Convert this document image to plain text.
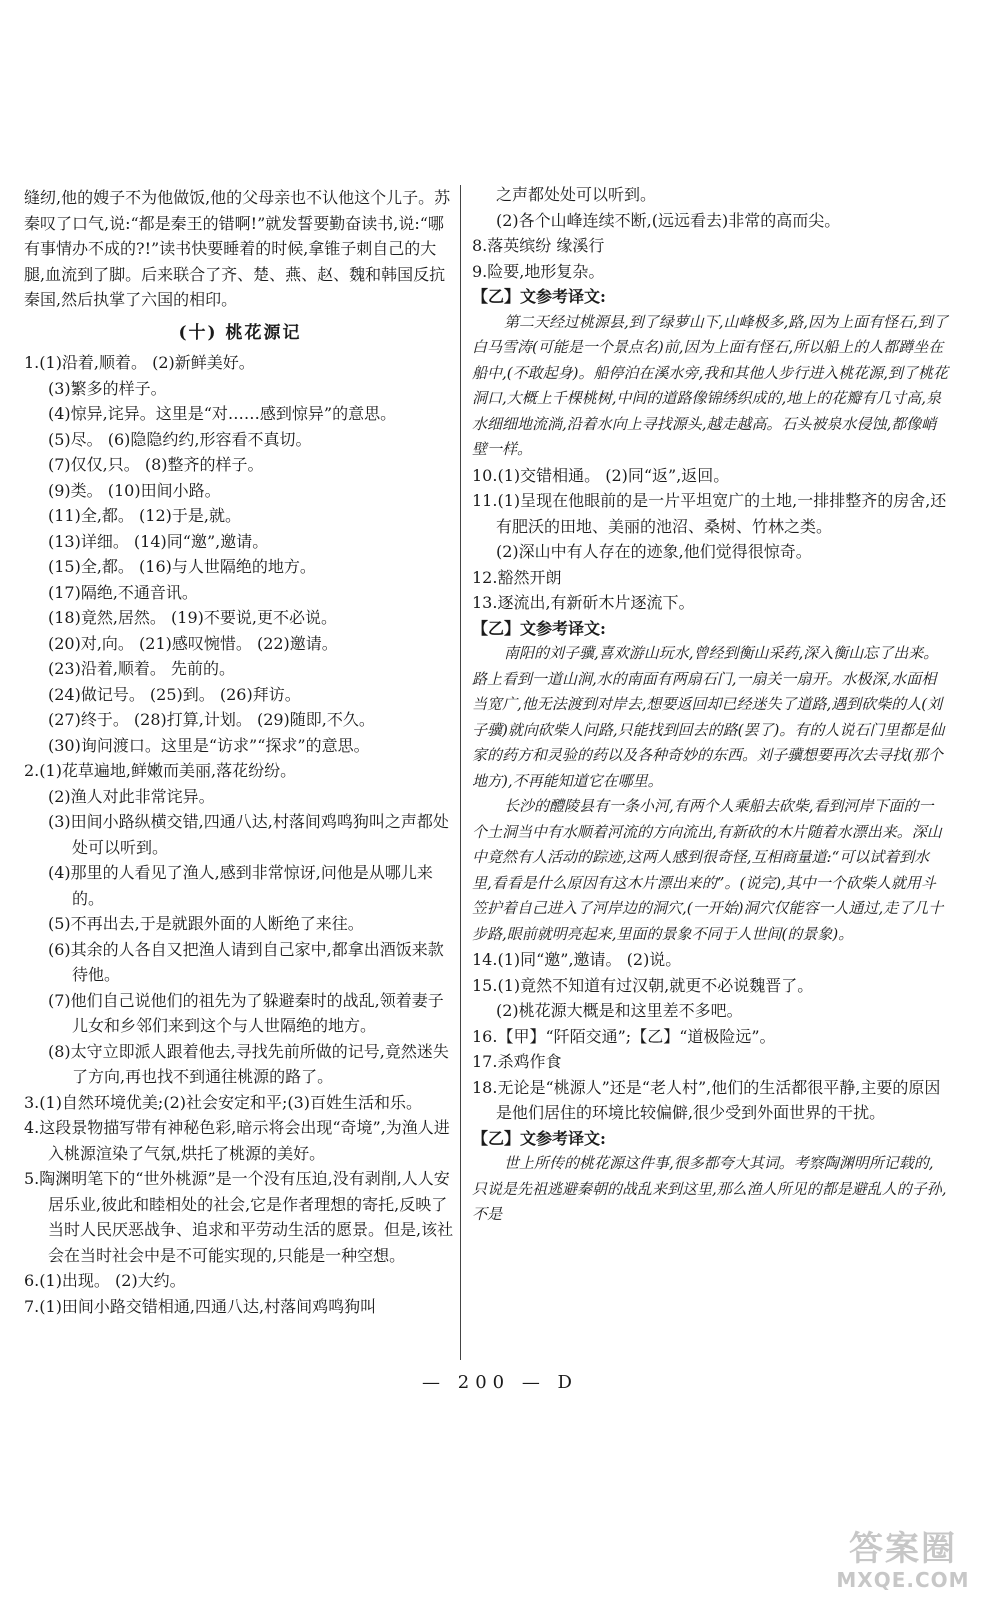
缝纫,他的嫂子不为他做饭,他的父母亲也不认他这个儿子。苏秦叹了口气,说:“都是秦王的错啊!”就发誓要勤奋读书,说:“哪有事情办不成的?!”读书快要睡着的时候,拿锥子刺自己的大腿,血流到了脚。后来联合了齐、楚、燕、赵、魏和韩国反抗秦国,然后执掌了六国的相印。

(十) 桃花源记

1.(1)沿着,顺着。 (2)新鲜美好。

(3)繁多的样子。

(4)惊异,诧异。这里是“对……感到惊异”的意思。

(5)尽。 (6)隐隐约约,形容看不真切。

(7)仅仅,只。 (8)整齐的样子。

(9)类。 (10)田间小路。

(11)全,都。 (12)于是,就。

(13)详细。 (14)同“邀”,邀请。

(15)全,都。 (16)与人世隔绝的地方。

(17)隔绝,不通音讯。

(18)竟然,居然。 (19)不要说,更不必说。

(20)对,向。 (21)感叹惋惜。 (22)邀请。

(23)沿着,顺着。 先前的。

(24)做记号。 (25)到。 (26)拜访。

(27)终于。 (28)打算,计划。 (29)随即,不久。

(30)询问渡口。这里是“访求”“探求”的意思。

2.(1)花草遍地,鲜嫩而美丽,落花纷纷。

(2)渔人对此非常诧异。

(3)田间小路纵横交错,四通八达,村落间鸡鸣狗叫之声都处处可以听到。

(4)那里的人看见了渔人,感到非常惊讶,问他是从哪儿来的。

(5)不再出去,于是就跟外面的人断绝了来往。

(6)其余的人各自又把渔人请到自己家中,都拿出酒饭来款待他。

(7)他们自己说他们的祖先为了躲避秦时的战乱,领着妻子儿女和乡邻们来到这个与人世隔绝的地方。

(8)太守立即派人跟着他去,寻找先前所做的记号,竟然迷失了方向,再也找不到通往桃源的路了。

3.(1)自然环境优美;(2)社会安定和平;(3)百姓生活和乐。

4.这段景物描写带有神秘色彩,暗示将会出现“奇境”,为渔人进入桃源渲染了气氛,烘托了桃源的美好。

5.陶渊明笔下的“世外桃源”是一个没有压迫,没有剥削,人人安居乐业,彼此和睦相处的社会,它是作者理想的寄托,反映了当时人民厌恶战争、追求和平劳动生活的愿景。但是,该社会在当时社会中是不可能实现的,只能是一种空想。

6.(1)出现。 (2)大约。

7.(1)田间小路交错相通,四通八达,村落间鸡鸣狗叫

之声都处处可以听到。

(2)各个山峰连续不断,(远远看去)非常的高而尖。

8.落英缤纷 缘溪行

9.险要,地形复杂。

【乙】文参考译文:

第二天经过桃源县,到了绿萝山下,山峰极多,路,因为上面有怪石,到了白马雪涛(可能是一个景点名)前,因为上面有怪石,所以船上的人都蹲坐在船中,(不敢起身)。船停泊在溪水旁,我和其他人步行进入桃花源,到了桃花洞口,大概上千棵桃树,中间的道路像锦绣织成的,地上的花瓣有几寸高,泉水细细地流淌,沿着水向上寻找源头,越走越高。石头被泉水侵蚀,都像峭壁一样。

10.(1)交错相通。 (2)同“返”,返回。

11.(1)呈现在他眼前的是一片平坦宽广的土地,一排排整齐的房舍,还有肥沃的田地、美丽的池沼、桑树、竹林之类。

(2)深山中有人存在的迹象,他们觉得很惊奇。

12.豁然开朗

13.逐流出,有新斫木片逐流下。

【乙】文参考译文:

南阳的刘子骥,喜欢游山玩水,曾经到衡山采药,深入衡山忘了出来。路上看到一道山涧,水的南面有两扇石门,一扇关一扇开。水极深,水面相当宽广,他无法渡到对岸去,想要返回却已经迷失了道路,遇到砍柴的人(刘子骥)就向砍柴人问路,只能找到回去的路(罢了)。有的人说石门里都是仙家的药方和灵验的药以及各种奇妙的东西。刘子骥想要再次去寻找(那个地方),不再能知道它在哪里。

长沙的醴陵县有一条小河,有两个人乘船去砍柴,看到河岸下面的一个土洞当中有水顺着河流的方向流出,有新砍的木片随着水漂出来。深山中竟然有人活动的踪迹,这两人感到很奇怪,互相商量道:“可以试着到水里,看看是什么原因有这木片漂出来的”。(说完),其中一个砍柴人就用斗笠护着自己进入了河岸边的洞穴,(一开始)洞穴仅能容一人通过,走了几十步路,眼前就明亮起来,里面的景象不同于人世间(的景象)。

14.(1)同“邀”,邀请。 (2)说。

15.(1)竟然不知道有过汉朝,就更不必说魏晋了。

(2)桃花源大概是和这里差不多吧。

16.【甲】“阡陌交通”;【乙】“道极险远”。

17.杀鸡作食

18.无论是“桃源人”还是“老人村”,他们的生活都很平静,主要的原因是他们居住的环境比较偏僻,很少受到外面世界的干扰。

【乙】文参考译文:

世上所传的桃花源这件事,很多都夸大其词。考察陶渊明所记载的,只说是先祖逃避秦朝的战乱来到这里,那么渔人所见的都是避乱人的子孙,不是

— 200 — D
答案圈
MXQE.COM
